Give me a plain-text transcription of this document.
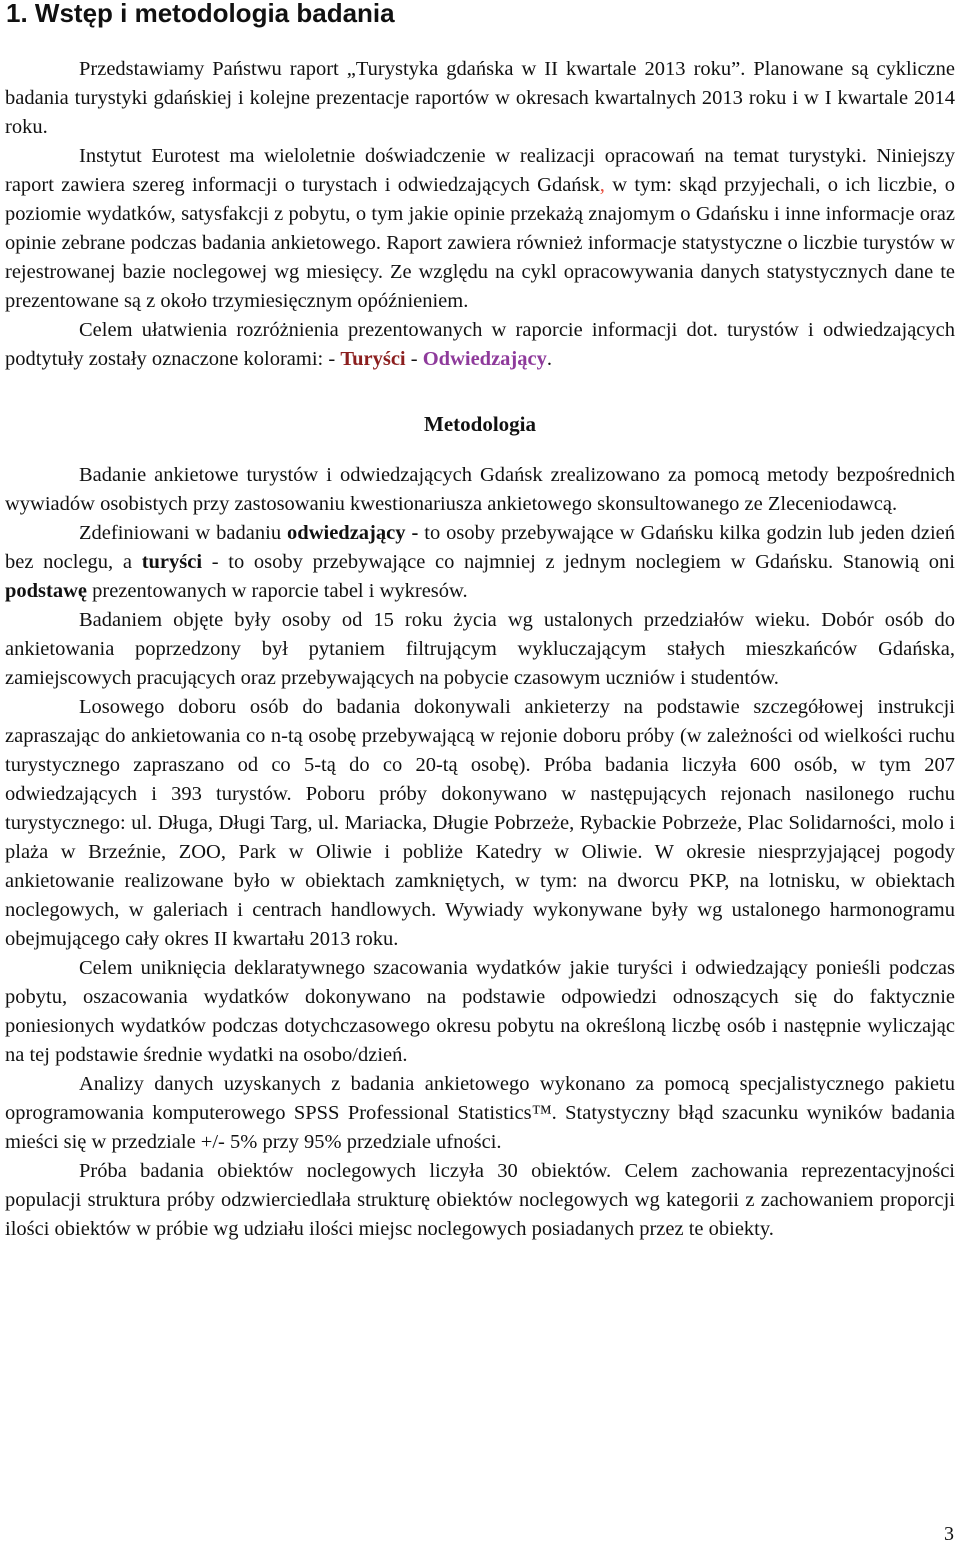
1. Wstęp i metodologia badania

Przedstawiamy Państwu raport „Turystyka gdańska w II kwartale 2013 roku”. Planowane są cykliczne badania turystyki gdańskiej i kolejne prezentacje raportów w okresach kwartalnych 2013 roku i w I kwartale 2014 roku.

Instytut Eurotest ma wieloletnie doświadczenie w realizacji opracowań na temat turystyki. Niniejszy raport zawiera szereg informacji o turystach i odwiedzających Gdańsk, w tym: skąd przyjechali, o ich liczbie, o poziomie wydatków, satysfakcji z pobytu, o tym jakie opinie przekażą znajomym o Gdańsku i inne informacje oraz opinie zebrane podczas badania ankietowego. Raport zawiera również informacje statystyczne o liczbie turystów w rejestrowanej bazie noclegowej wg miesięcy. Ze względu na cykl opracowywania danych statystycznych dane te prezentowane są z około trzymiesięcznym opóźnieniem.

Celem ułatwienia rozróżnienia prezentowanych w raporcie informacji dot. turystów i odwiedzających podtytuły zostały oznaczone kolorami: - Turyści - Odwiedzający.

Metodologia

Badanie ankietowe turystów i odwiedzających Gdańsk zrealizowano za pomocą metody bezpośrednich wywiadów osobistych przy zastosowaniu kwestionariusza ankietowego skonsultowanego ze Zleceniodawcą.

Zdefiniowani w badaniu odwiedzający - to osoby przebywające w Gdańsku kilka godzin lub jeden dzień bez noclegu, a turyści - to osoby przebywające co najmniej z jednym noclegiem w Gdańsku. Stanowią oni podstawę prezentowanych w raporcie tabel i wykresów.

Badaniem objęte były osoby od 15 roku życia wg ustalonych przedziałów wieku. Dobór osób do ankietowania poprzedzony był pytaniem filtrującym wykluczającym stałych mieszkańców Gdańska, zamiejscowych pracujących oraz przebywających na pobycie czasowym uczniów i studentów.

Losowego doboru osób do badania dokonywali ankieterzy na podstawie szczegółowej instrukcji zapraszając do ankietowania co n-tą osobę przebywającą w rejonie doboru próby (w zależności od wielkości ruchu turystycznego zapraszano od co 5-tą do co 20-tą osobę). Próba badania liczyła 600 osób, w tym 207 odwiedzających i 393 turystów. Poboru próby dokonywano w następujących rejonach nasilonego ruchu turystycznego: ul. Długa, Długi Targ, ul. Mariacka, Długie Pobrzeże, Rybackie Pobrzeże, Plac Solidarności, molo i plaża w Brzeźnie, ZOO, Park w Oliwie i pobliże Katedry w Oliwie. W okresie niesprzyjającej pogody ankietowanie realizowane było w obiektach zamkniętych, w tym: na dworcu PKP, na lotnisku, w obiektach noclegowych, w galeriach i centrach handlowych. Wywiady wykonywane były wg ustalonego harmonogramu obejmującego cały okres II kwartału 2013 roku.

Celem uniknięcia deklaratywnego szacowania wydatków jakie turyści i odwiedzający ponieśli podczas pobytu, oszacowania wydatków dokonywano na podstawie odpowiedzi odnoszących się do faktycznie poniesionych wydatków podczas dotychczasowego okresu pobytu na określoną liczbę osób i następnie wyliczając na tej podstawie średnie wydatki na osobo/dzień.

Analizy danych uzyskanych z badania ankietowego wykonano za pomocą specjalistycznego pakietu oprogramowania komputerowego SPSS Professional Statistics™. Statystyczny błąd szacunku wyników badania mieści się w przedziale +/- 5% przy 95% przedziale ufności.

Próba badania obiektów noclegowych liczyła 30 obiektów. Celem zachowania reprezentacyjności populacji struktura próby odzwierciedlała strukturę obiektów noclegowych wg kategorii z zachowaniem proporcji ilości obiektów w próbie wg udziału ilości miejsc noclegowych posiadanych przez te obiekty.

3
